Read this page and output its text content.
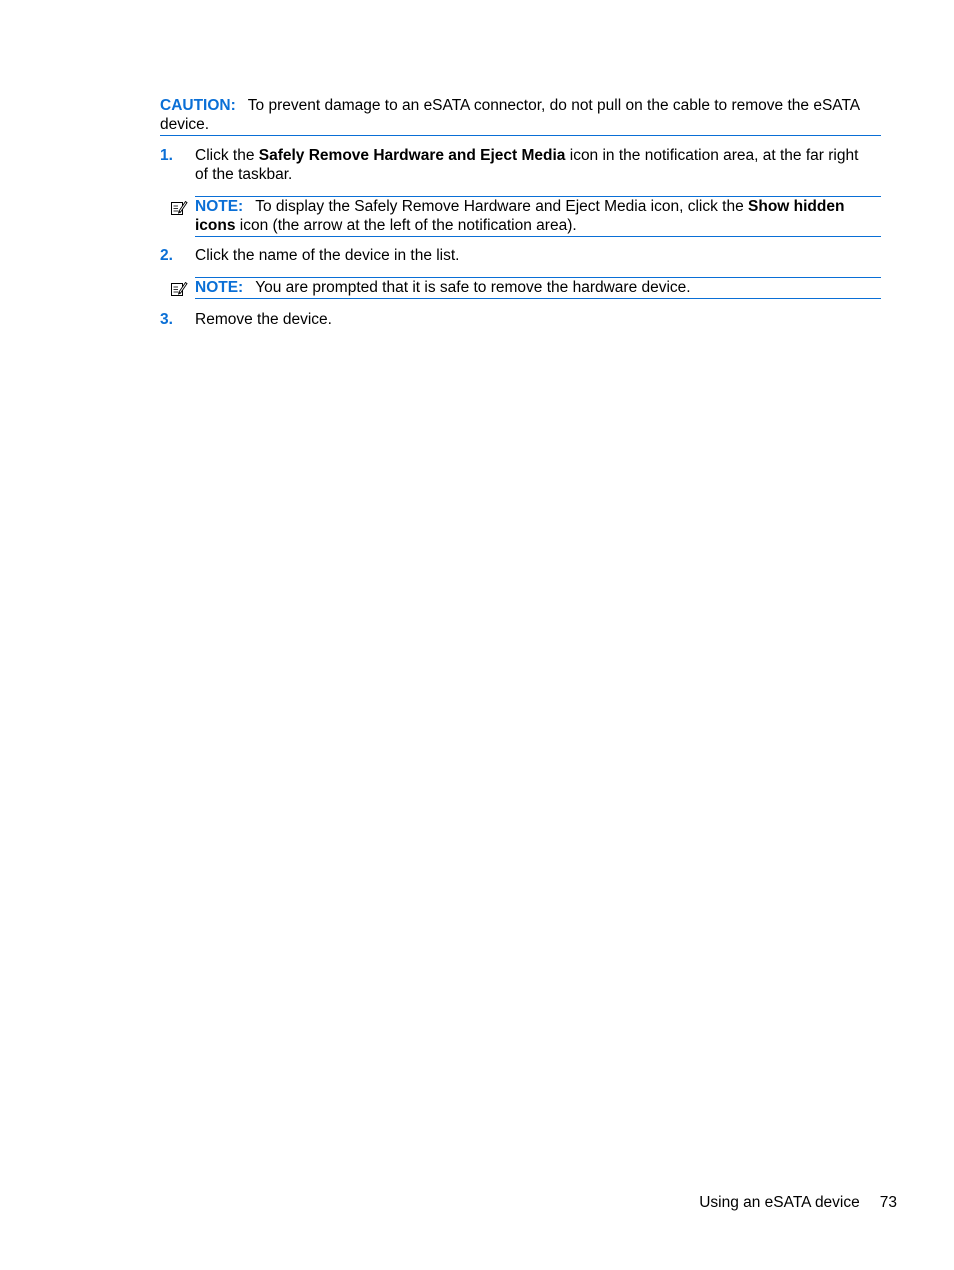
CAUTION: To prevent damage to an eSATA connector, do not pull on the cable to remove the eSATA device.
1.	Click the Safely Remove Hardware and Eject Media icon in the notification area, at the far right of the taskbar.
NOTE: To display the Safely Remove Hardware and Eject Media icon, click the Show hidden icons icon (the arrow at the left of the notification area).
2.	Click the name of the device in the list.
NOTE: You are prompted that it is safe to remove the hardware device.
3.	Remove the device.
Using an eSATA device 73
